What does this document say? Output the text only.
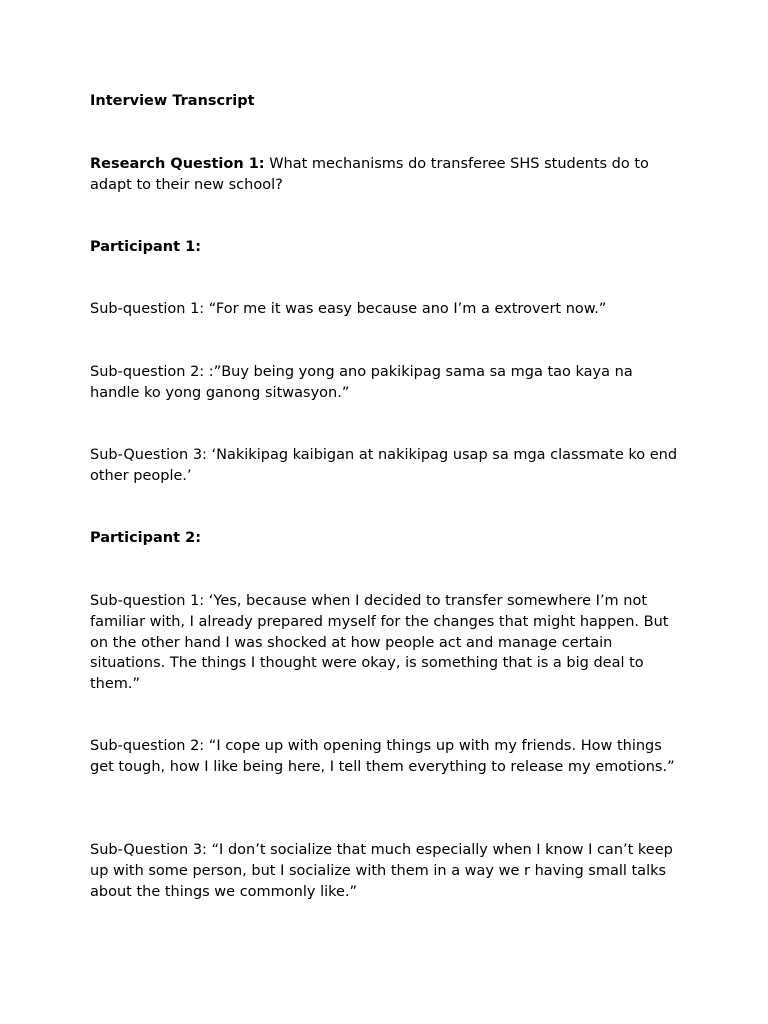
Interview Transcript

Research Question 1: What mechanisms do transferee SHS students do to adapt to their new school?

Participant 1:

Sub-question 1: “For me it was easy because ano I’m a extrovert now.”

Sub-question 2: :”Buy being yong ano pakikipag sama sa mga tao kaya na handle ko yong ganong sitwasyon.”

Sub-Question 3: ‘Nakikipag kaibigan at nakikipag usap sa mga classmate ko end other people.’

Participant 2:

Sub-question 1: ‘Yes, because when I decided to transfer somewhere I’m not familiar with, I already prepared myself for the changes that might happen. But on the other hand I was shocked at how people act and manage certain situations. The things I thought were okay, is something that is a big deal to them.”

Sub-question 2: “I cope up with opening things up with my friends. How things get tough, how I like being here, I tell them everything to release my emotions.”

Sub-Question 3: “I don’t socialize that much especially when I know I can’t keep up with some person, but I socialize with them in a way we r having small talks about the things we commonly like.”
